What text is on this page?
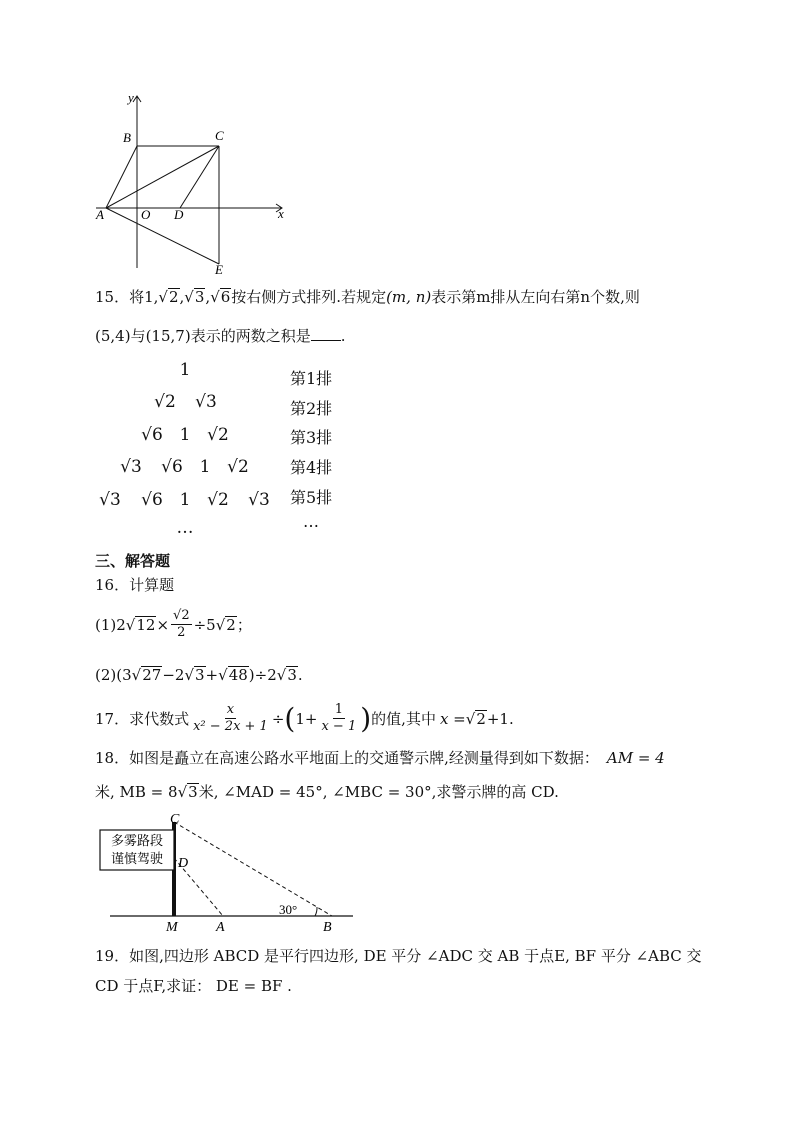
y
x
A	O D
B	C
E
15．将1,√2,√3,√6按右侧方式排列.若规定(m, n)表示第m排从左向右第n个数,则
(5,4)与(15,7)表示的两数之积是 .
1
√2 √3
√6 1 √2
√3 √6 1 √2
√3 √6 1 √2 √3
…
第1排
第2排
第3排
第4排
第5排
…
三、解答题
16．计算题
(1) 2 √ $12 \times \frac{√2}{2} \div 5$ √ 2 ；
(2)(3√27−2√3+√48)÷2√3.
17．求代数式 $\frac{x}{\text{x² − 2x + 1}}$ ÷ ( $1+ \frac{1}{x - 1}$ ) 的值,其中 x = √ 2 +1.
18．如图是矗立在高速公路水平地面上的交通警示牌,经测量得到如下数据： AM = 4
米, MB = 8√3米, ∠MAD = 45°, ∠MBC = 30°,求警示牌的高 CD.
多雾路段
谨慎驾驶
30°
C
D
M	A	B
19．如图,四边形 ABCD 是平行四边形, DE 平分 ∠ADC 交 AB 于点E, BF 平分 ∠ABC 交
CD 于点F,求证： DE = BF .
